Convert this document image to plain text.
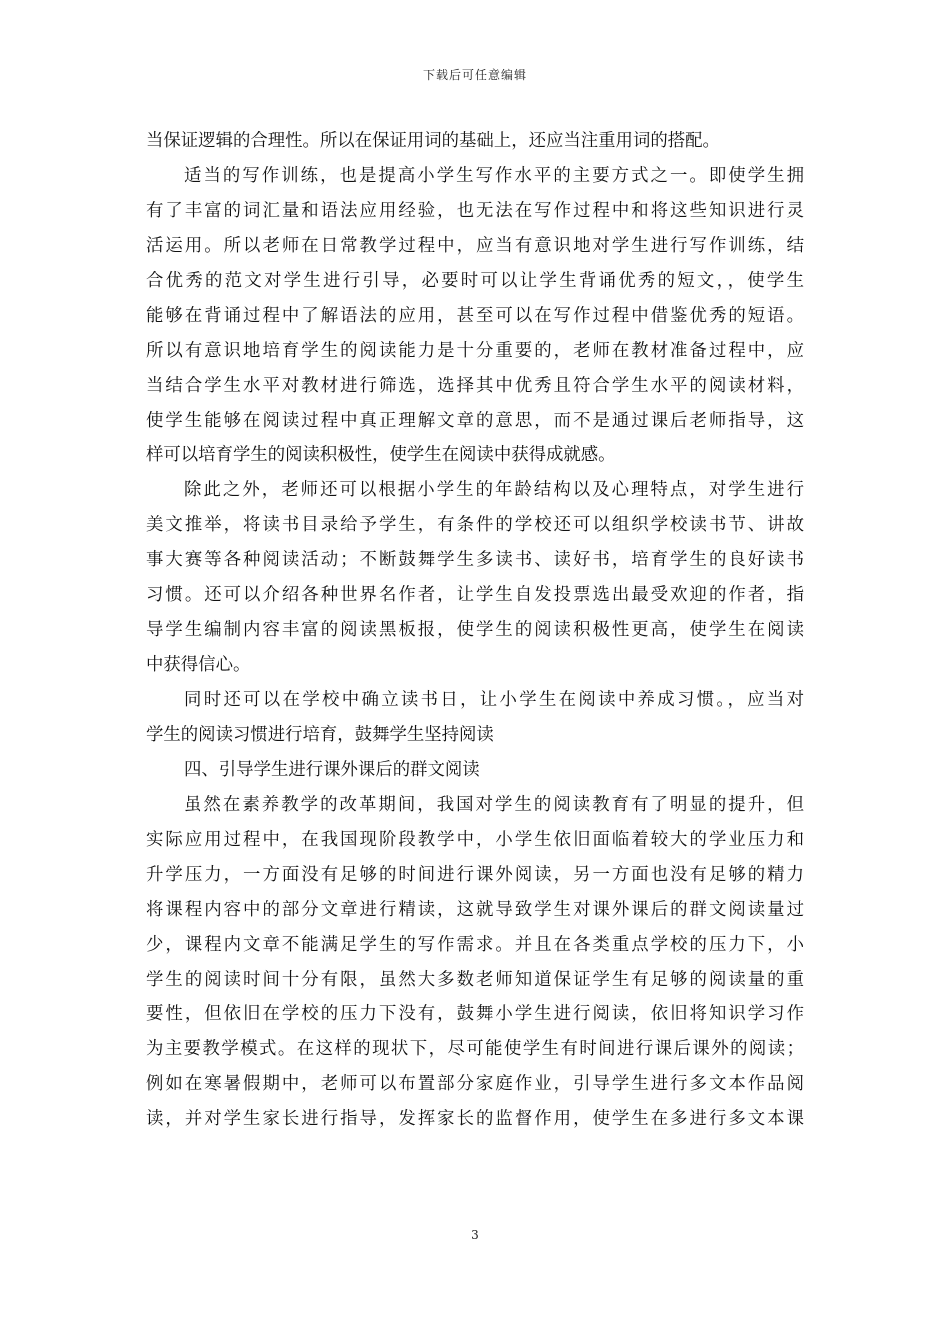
下载后可任意编辑
当保证逻辑的合理性。所以在保证用词的基础上，还应当注重用词的搭配。
适当的写作训练，也是提高小学生写作水平的主要方式之一。即使学生拥
有了丰富的词汇量和语法应用经验，也无法在写作过程中和将这些知识进行灵
活运用。所以老师在日常教学过程中，应当有意识地对学生进行写作训练，结
合优秀的范文对学生进行引导，必要时可以让学生背诵优秀的短文，，使学生
能够在背诵过程中了解语法的应用，甚至可以在写作过程中借鉴优秀的短语。
所以有意识地培育学生的阅读能力是十分重要的，老师在教材准备过程中，应
当结合学生水平对教材进行筛选，选择其中优秀且符合学生水平的阅读材料，
使学生能够在阅读过程中真正理解文章的意思，而不是通过课后老师指导，这
样可以培育学生的阅读积极性，使学生在阅读中获得成就感。
除此之外，老师还可以根据小学生的年龄结构以及心理特点，对学生进行
美文推举，将读书目录给予学生，有条件的学校还可以组织学校读书节、讲故
事大赛等各种阅读活动；不断鼓舞学生多读书、读好书，培育学生的良好读书
习惯。还可以介绍各种世界名作者，让学生自发投票选出最受欢迎的作者，指
导学生编制内容丰富的阅读黑板报，使学生的阅读积极性更高，使学生在阅读
中获得信心。
同时还可以在学校中确立读书日，让小学生在阅读中养成习惯。，应当对
学生的阅读习惯进行培育，鼓舞学生坚持阅读
四、引导学生进行课外课后的群文阅读
虽然在素养教学的改革期间，我国对学生的阅读教育有了明显的提升，但
实际应用过程中，在我国现阶段教学中，小学生依旧面临着较大的学业压力和
升学压力，一方面没有足够的时间进行课外阅读，另一方面也没有足够的精力
将课程内容中的部分文章进行精读，这就导致学生对课外课后的群文阅读量过
少，课程内文章不能满足学生的写作需求。并且在各类重点学校的压力下，小
学生的阅读时间十分有限，虽然大多数老师知道保证学生有足够的阅读量的重
要性，但依旧在学校的压力下没有，鼓舞小学生进行阅读，依旧将知识学习作
为主要教学模式。在这样的现状下，尽可能使学生有时间进行课后课外的阅读；
例如在寒暑假期中，老师可以布置部分家庭作业，引导学生进行多文本作品阅
读，并对学生家长进行指导，发挥家长的监督作用，使学生在多进行多文本课
3
